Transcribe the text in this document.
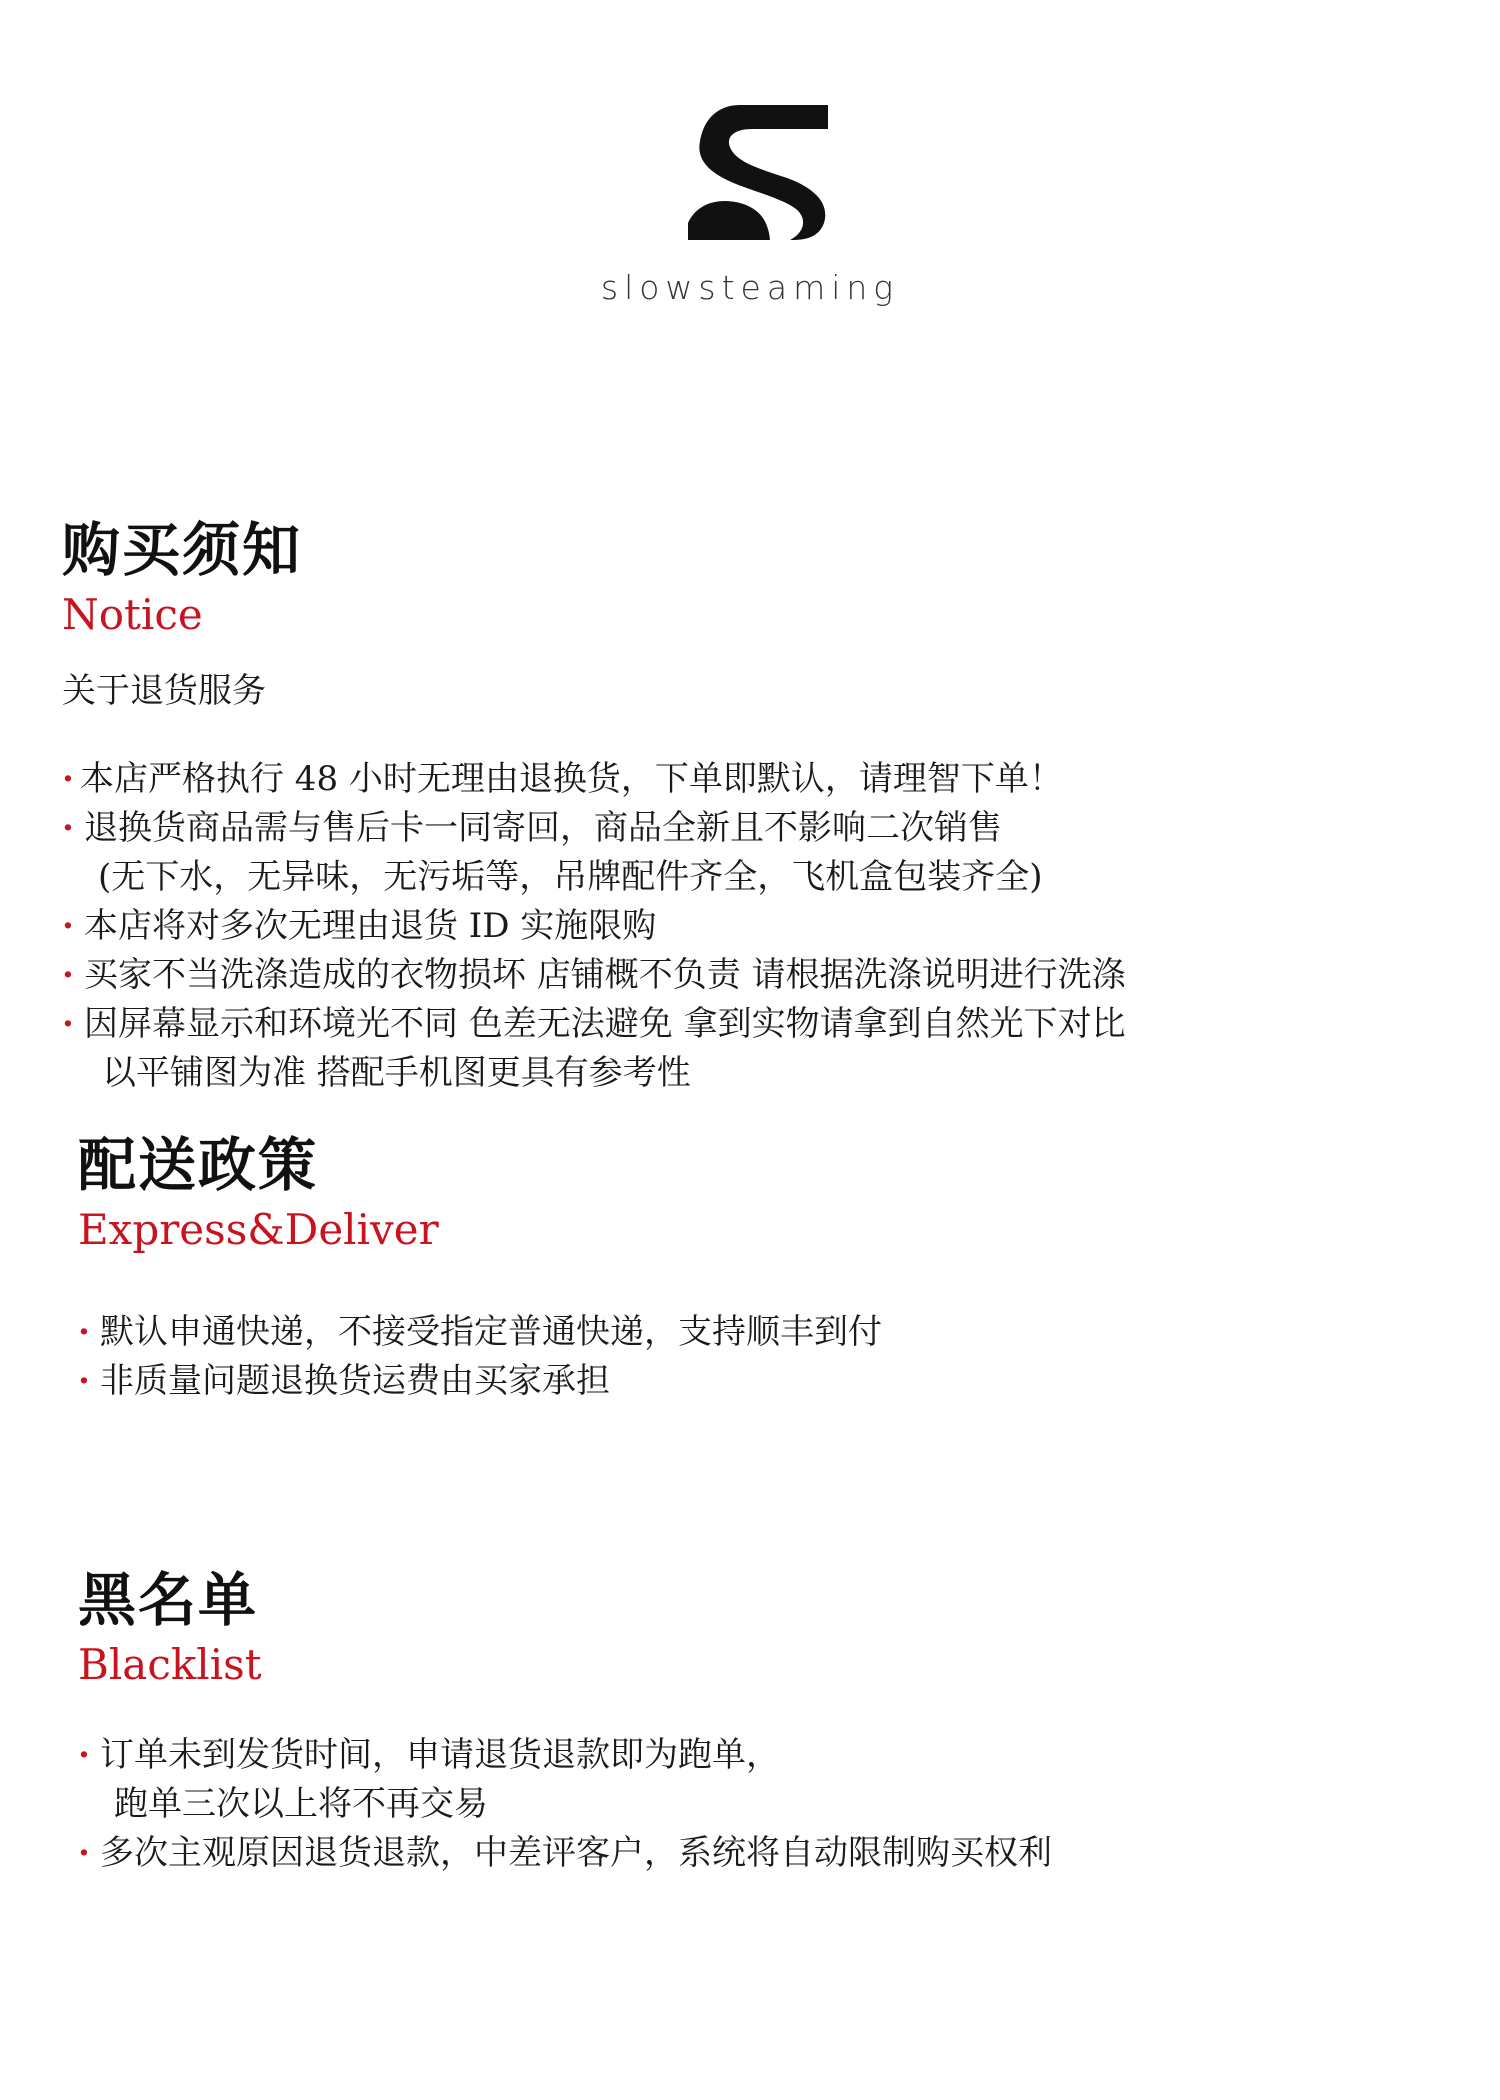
slowsteaming
购买须知
Notice
关于退货服务
· 本店严格执行 48 小时无理由退换货，下单即默认，请理智下单！
· 退换货商品需与售后卡一同寄回，商品全新且不影响二次销售
(无下水，无异味，无污垢等，吊牌配件齐全，飞机盒包装齐全)
· 本店将对多次无理由退货 ID 实施限购
· 买家不当洗涤造成的衣物损坏 店铺概不负责 请根据洗涤说明进行洗涤
· 因屏幕显示和环境光不同 色差无法避免 拿到实物请拿到自然光下对比
以平铺图为准 搭配手机图更具有参考性
配送政策
Express&Deliver
· 默认申通快递，不接受指定普通快递，支持顺丰到付
· 非质量问题退换货运费由买家承担
黑名单
Blacklist
· 订单未到发货时间，申请退货退款即为跑单，
跑单三次以上将不再交易
· 多次主观原因退货退款，中差评客户，系统将自动限制购买权利
